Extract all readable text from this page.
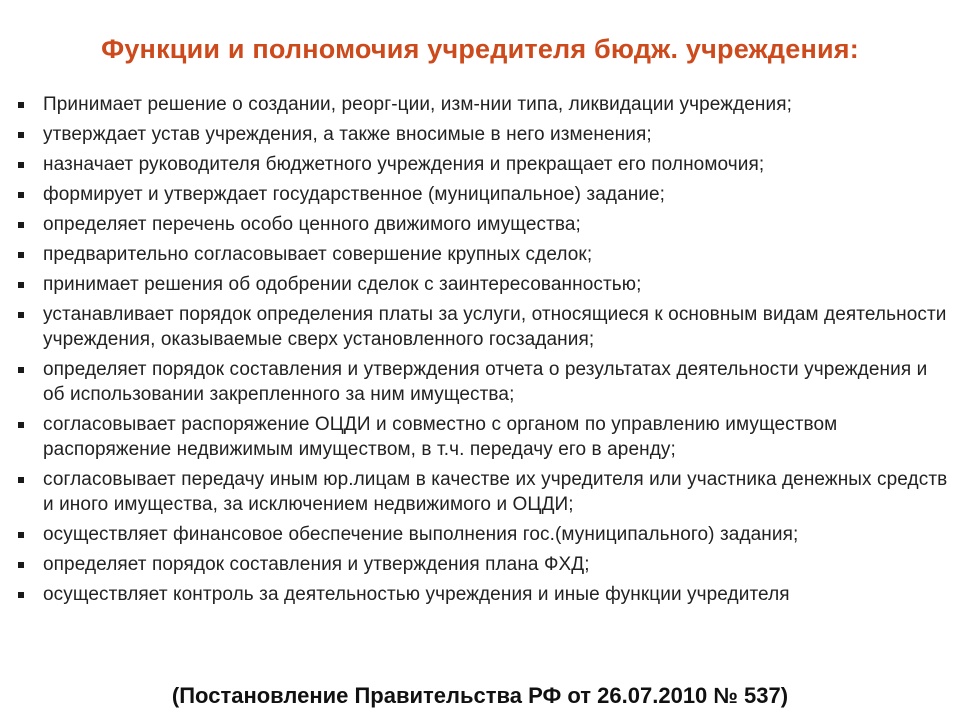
Функции и полномочия учредителя бюдж. учреждения:
Принимает решение о создании, реорг-ции, изм-нии типа, ликвидации учреждения;
утверждает устав учреждения, а также вносимые в него изменения;
назначает руководителя бюджетного учреждения и прекращает его полномочия;
формирует и утверждает государственное (муниципальное) задание;
определяет перечень особо ценного движимого имущества;
предварительно согласовывает совершение крупных сделок;
принимает решения об одобрении сделок с заинтересованностью;
устанавливает порядок определения платы за услуги, относящиеся к основным видам деятельности учреждения, оказываемые сверх установленного госзадания;
определяет порядок составления и утверждения отчета о результатах деятельности учреждения и об использовании закрепленного за ним имущества;
согласовывает распоряжение ОЦДИ и совместно с органом по управлению имуществом распоряжение недвижимым имуществом, в т.ч. передачу его в аренду;
согласовывает передачу иным юр.лицам в качестве их учредителя или участника денежных средств и иного имущества, за исключением недвижимого и ОЦДИ;
осуществляет финансовое обеспечение выполнения гос.(муниципального) задания;
определяет порядок составления и утверждения плана ФХД;
осуществляет контроль за деятельностью учреждения и иные функции учредителя
(Постановление Правительства РФ от 26.07.2010 № 537)
